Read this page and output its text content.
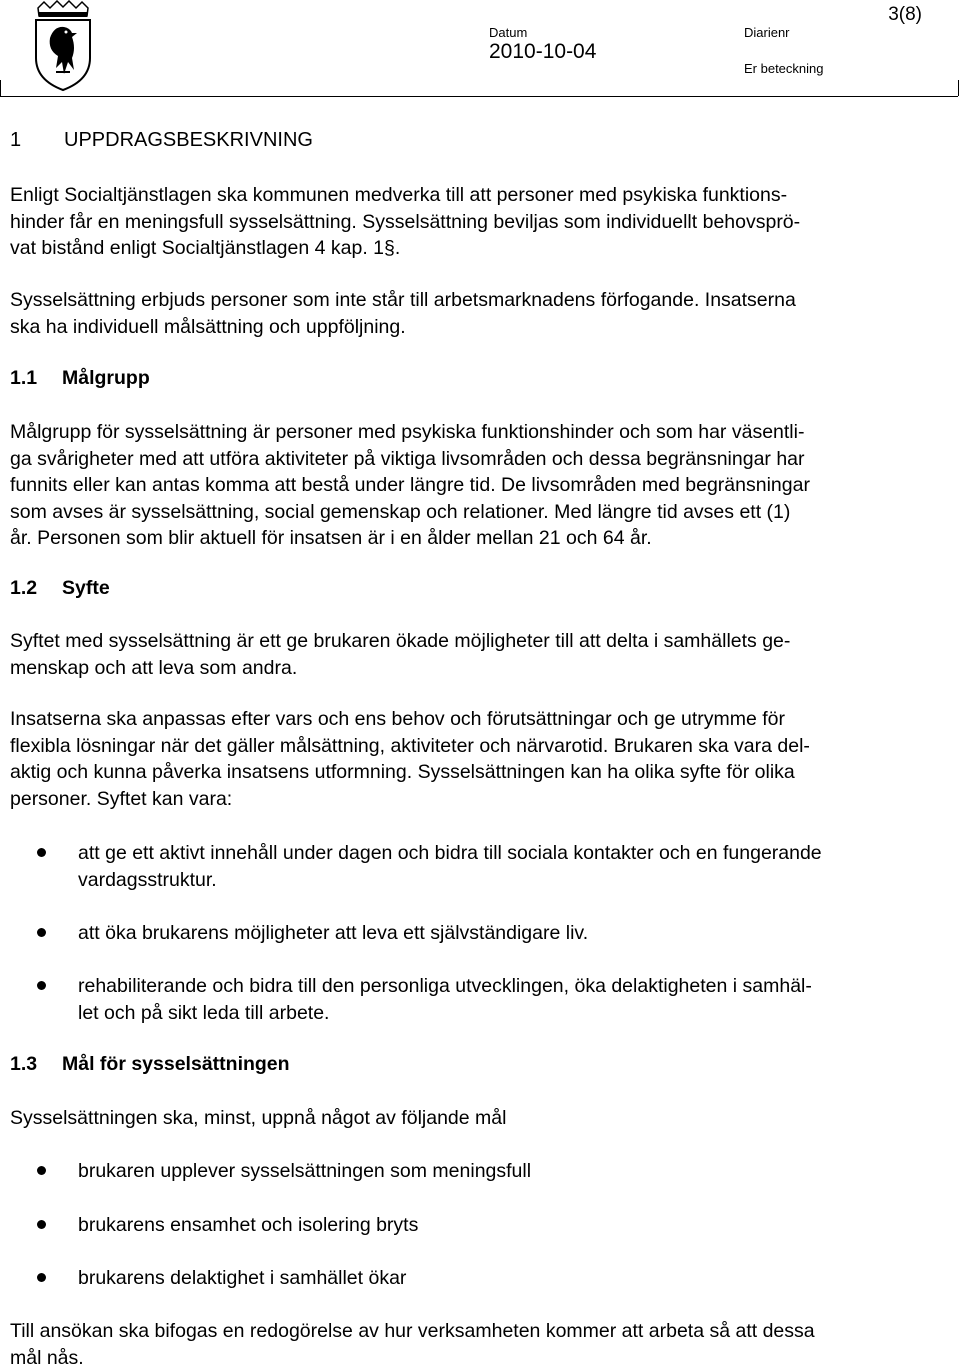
Datum
2010-10-04
Diarienr
Er beteckning
3(8)
1 UPPDRAGSBESKRIVNING
Enligt Socialtjänstlagen ska kommunen medverka till att personer med psykiska funktions-
hinder får en meningsfull sysselsättning. Sysselsättning beviljas som individuellt behovsprö-
vat bistånd enligt Socialtjänstlagen 4 kap. 1§.
Sysselsättning erbjuds personer som inte står till arbetsmarknadens förfogande. Insatserna
ska ha individuell målsättning och uppföljning.
1.1 Målgrupp
Målgrupp för sysselsättning är personer med psykiska funktionshinder och som har väsentli-
ga svårigheter med att utföra aktiviteter på viktiga livsområden och dessa begränsningar har
funnits eller kan antas komma att bestå under längre tid. De livsområden med begränsningar
som avses är sysselsättning, social gemenskap och relationer. Med längre tid avses ett (1)
år. Personen som blir aktuell för insatsen är i en ålder mellan 21 och 64 år.
1.2 Syfte
Syftet med sysselsättning är ett ge brukaren ökade möjligheter till att delta i samhällets ge-
menskap och att leva som andra.
Insatserna ska anpassas efter vars och ens behov och förutsättningar och ge utrymme för
flexibla lösningar när det gäller målsättning, aktiviteter och närvarotid. Brukaren ska vara del-
aktig och kunna påverka insatsens utformning. Sysselsättningen kan ha olika syfte för olika
personer. Syftet kan vara:
att ge ett aktivt innehåll under dagen och bidra till sociala kontakter och en fungerande
vardagsstruktur.
att öka brukarens möjligheter att leva ett självständigare liv.
rehabiliterande och bidra till den personliga utvecklingen, öka delaktigheten i samhäl-
let och på sikt leda till arbete.
1.3 Mål för sysselsättningen
Sysselsättningen ska, minst, uppnå något av följande mål
brukaren upplever sysselsättningen som meningsfull
brukarens ensamhet och isolering bryts
brukarens delaktighet i samhället ökar
Till ansökan ska bifogas en redogörelse av hur verksamheten kommer att arbeta så att dessa
mål nås.
